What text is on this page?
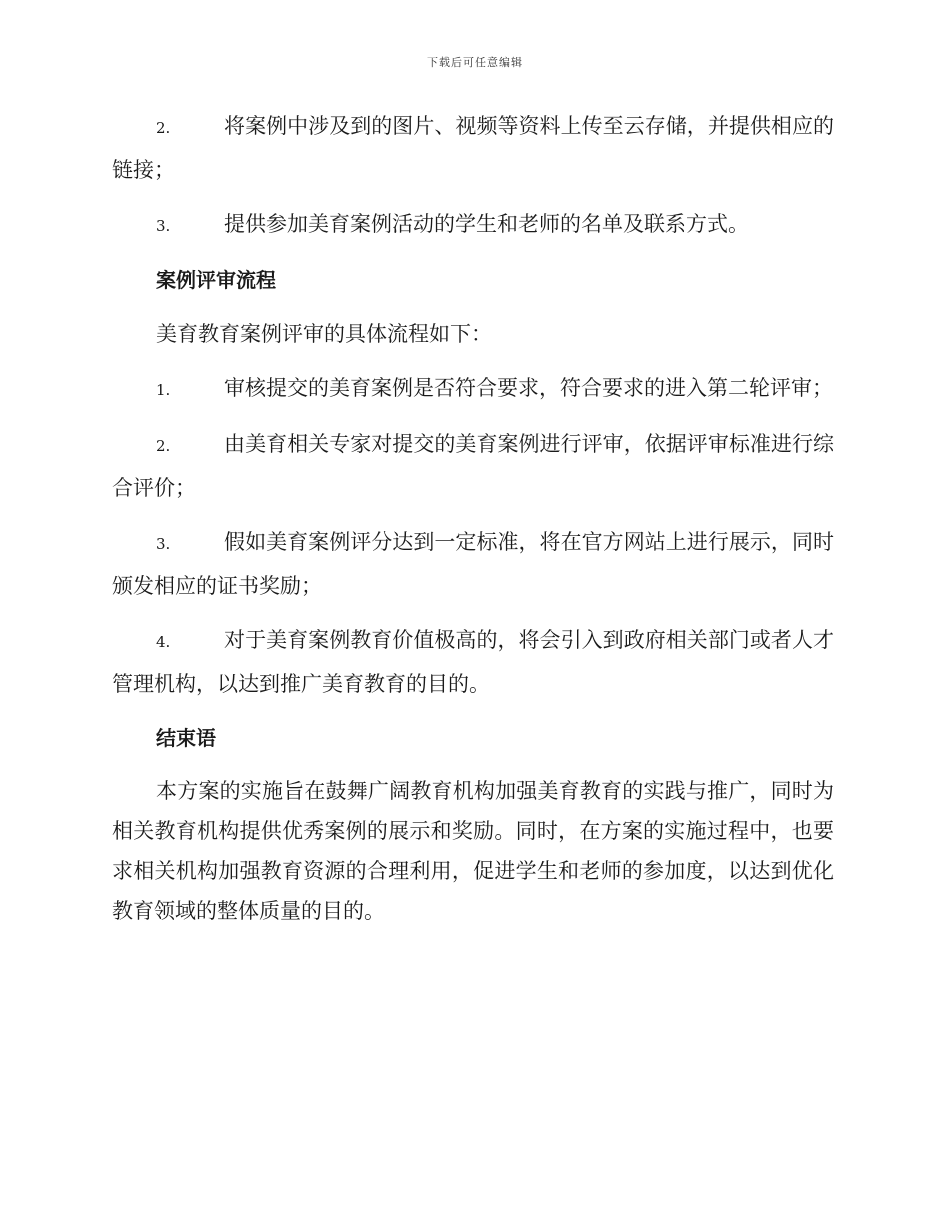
下载后可任意编辑
2.	将案例中涉及到的图片、视频等资料上传至云存储，并提供相应的链接；
3.	提供参加美育案例活动的学生和老师的名单及联系方式。
案例评审流程
美育教育案例评审的具体流程如下：
1.	审核提交的美育案例是否符合要求，符合要求的进入第二轮评审；
2.	由美育相关专家对提交的美育案例进行评审，依据评审标准进行综合评价；
3.	假如美育案例评分达到一定标准，将在官方网站上进行展示，同时颁发相应的证书奖励；
4.	对于美育案例教育价值极高的，将会引入到政府相关部门或者人才管理机构，以达到推广美育教育的目的。
结束语
本方案的实施旨在鼓舞广阔教育机构加强美育教育的实践与推广，同时为相关教育机构提供优秀案例的展示和奖励。同时，在方案的实施过程中，也要求相关机构加强教育资源的合理利用，促进学生和老师的参加度，以达到优化教育领域的整体质量的目的。
